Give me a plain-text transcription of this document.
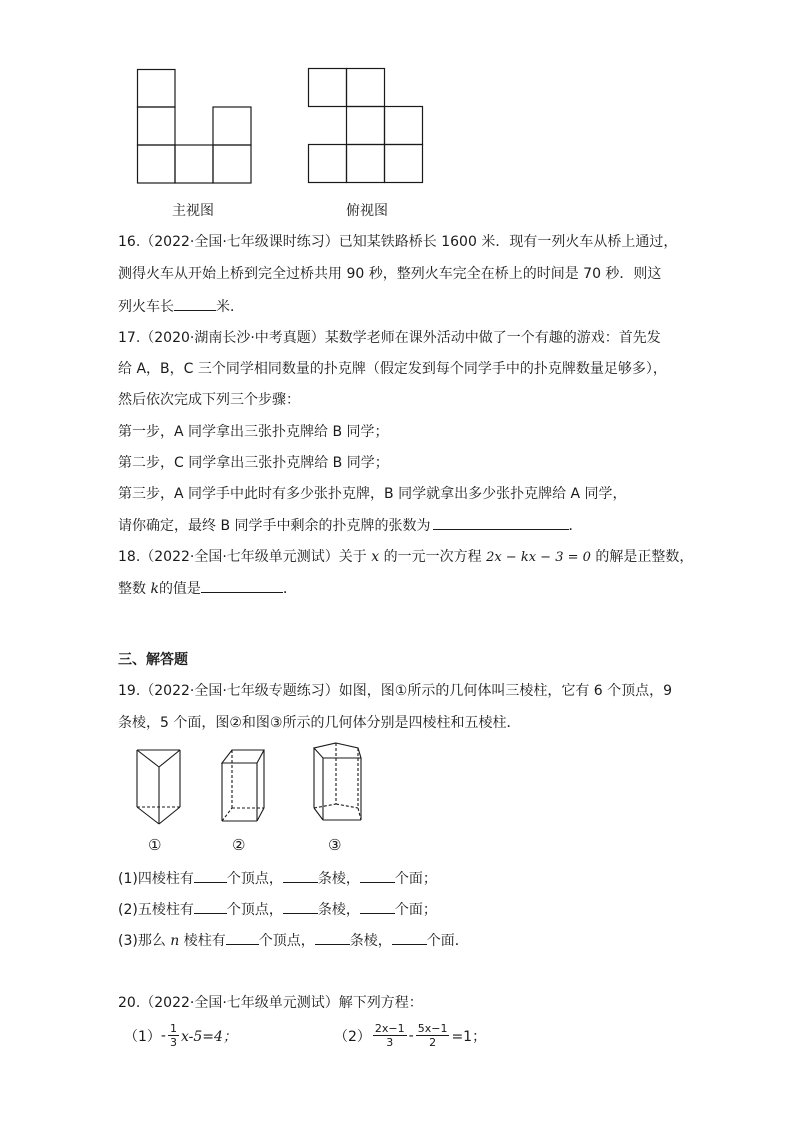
主视图	俯视图
16.（2022·全国·七年级课时练习）已知某铁路桥长 1600 米．现有一列火车从桥上通过，
测得火车从开始上桥到完全过桥共用 90 秒，整列火车完全在桥上的时间是 70 秒．则这
列火车长	米．
17.（2020·湖南长沙·中考真题）某数学老师在课外活动中做了一个有趣的游戏：首先发
给 A，B，C 三个同学相同数量的扑克牌（假定发到每个同学手中的扑克牌数量足够多），
然后依次完成下列三个步骤：
第一步，A 同学拿出三张扑克牌给 B 同学；
第二步，C 同学拿出三张扑克牌给 B 同学；
第三步，A 同学手中此时有多少张扑克牌，B 同学就拿出多少张扑克牌给 A 同学，
请你确定，最终 B 同学手中剩余的扑克牌的张数为	．
18.（2022·全国·七年级单元测试）关于 x 的一元一次方程 2x − kx − 3 = 0 的解是正整数，
整数 k的值是	．
三、解答题
19.（2022·全国·七年级专题练习）如图，图①所示的几何体叫三棱柱，它有 6 个顶点，9
条棱，5 个面，图②和图③所示的几何体分别是四棱柱和五棱柱．
①	②	③
(1)四棱柱有 个顶点，	条棱，	个面；
(2)五棱柱有 个顶点，	条棱，	个面；
(3)那么 n 棱柱有 个顶点，	条棱，	个面．
20.（2022·全国·七年级单元测试）解下列方程：
$(1) - \frac{1}{3} x-5=4$；	$(2) \frac{2x-1}{3} - \frac{5x-1}{2} =1$；
